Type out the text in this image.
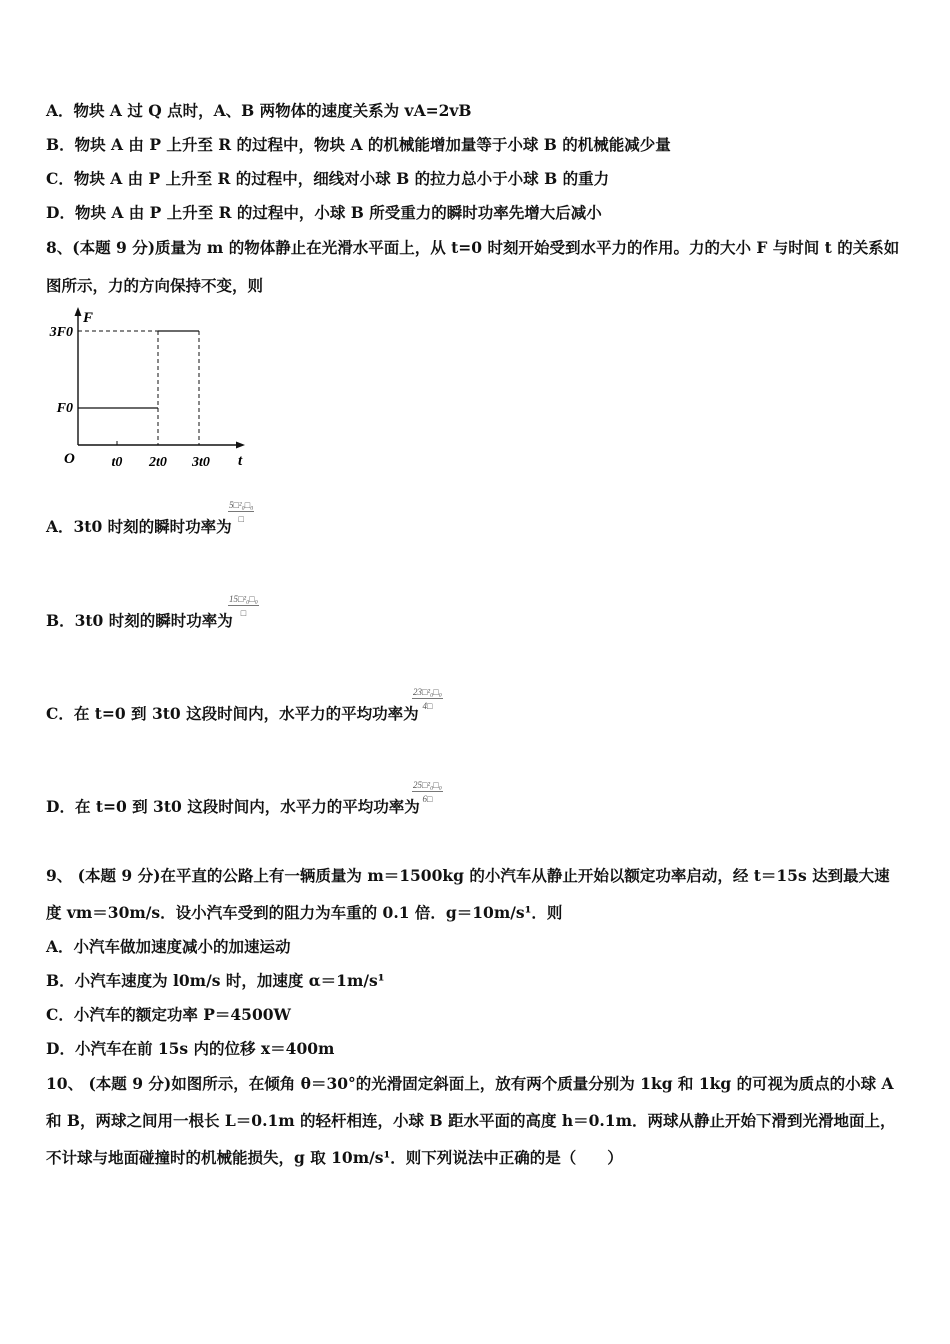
A．物块 A 过 Q 点时，A、B 两物体的速度关系为 vA=2vB
B．物块 A 由 P 上升至 R 的过程中，物块 A 的机械能增加量等于小球 B 的机械能减少量
C．物块 A 由 P 上升至 R 的过程中，细线对小球 B 的拉力总小于小球 B 的重力
D．物块 A 由 P 上升至 R 的过程中，小球 B 所受重力的瞬时功率先增大后减小
8、(本题 9 分)质量为 m 的物体静止在光滑水平面上，从 t=0 时刻开始受到水平力的作用。力的大小 F 与时间 t 的关系如
图所示，力的方向保持不变，则
F
3F0
F0
O	t0 2t0 3t0 t
A．3t0 时刻的瞬时功率为
5□²₀□₀
□
B．3t0 时刻的瞬时功率为
15□²₀□₀
□
C．在 t=0 到 3t0 这段时间内，水平力的平均功率为
$\frac{\text{23□²₀□₀}}{4□}$
D．在 t=0 到 3t0 这段时间内，水平力的平均功率为
$\frac{\text{25□²₀□₀}}{6□}$
9、 (本题 9 分)在平直的公路上有一辆质量为 m＝1500kg 的小汽车从静止开始以额定功率启动，经 t＝15s 达到最大速
度 vm＝30m/s．设小汽车受到的阻力为车重的 0.1 倍．g＝10m/s¹．则
A．小汽车做加速度减小的加速运动
B．小汽车速度为 l0m/s 时，加速度 α＝1m/s¹
C．小汽车的额定功率 P＝4500W
D．小汽车在前 15s 内的位移 x＝400m
10、 (本题 9 分)如图所示，在倾角 θ＝30°的光滑固定斜面上，放有两个质量分别为 1kg 和 1kg 的可视为质点的小球 A
和 B，两球之间用一根长 L＝0.1m 的轻杆相连，小球 B 距水平面的高度 h＝0.1m．两球从静止开始下滑到光滑地面上，
不计球与地面碰撞时的机械能损失，g 取 10m/s¹．则下列说法中正确的是（　　）
